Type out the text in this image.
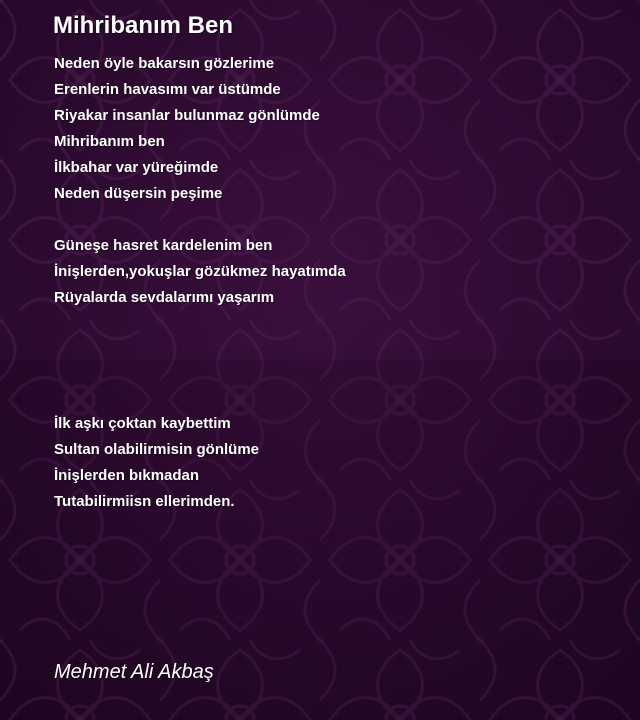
Mihribanım Ben
Neden öyle bakarsın gözlerime
Erenlerin havasımı var üstümde
Riyakar insanlar bulunmaz gönlümde
Mihribanım ben
İlkbahar var yüreğimde
Neden düşersin peşime
Güneşe hasret kardelenim ben
İnişlerden,yokuşlar gözükmez hayatımda
Rüyalarda sevdalarımı yaşarım
İlk aşkı çoktan kaybettim
Sultan olabilirmisin gönlüme
İnişlerden bıkmadan
Tutabilirmiisn ellerimden.

Mehmet Ali Akbaş
